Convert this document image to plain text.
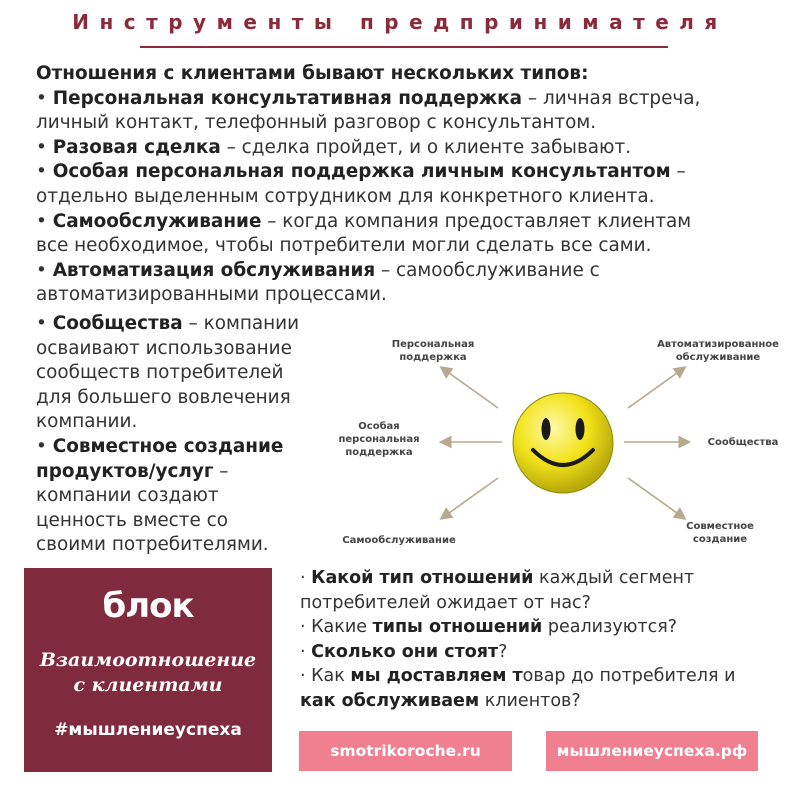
Инструменты предпринимателя
Отношения с клиентами бывают нескольких типов:
• Персональная консультативная поддержка – личная встреча,
личный контакт, телефонный разговор с консультантом.
• Разовая сделка – сделка пройдет, и о клиенте забывают.
• Особая персональная поддержка личным консультантом –
отдельно выделенным сотрудником для конкретного клиента.
• Самообслуживание – когда компания предоставляет клиентам
все необходимое, чтобы потребители могли сделать все сами.
• Автоматизация обслуживания – самообслуживание с
автоматизированными процессами.
• Сообщества – компании
осваивают использование
сообществ потребителей
для большего вовлечения
компании.
• Совместное создание
продуктов/услуг –
компании создают
ценность вместе со
своими потребителями.
Персональная
поддержка
Автоматизированное
обслуживание
Особая
персональная
поддержка
Сообщества
Самообслуживание
Совместное
создание
блок
Взаимоотношение
с клиентами
#мышлениеуспеха
· Какой тип отношений каждый сегмент
потребителей ожидает от нас?
· Какие типы отношений реализуются?
· Сколько они стоят?
· Как мы доставляем товар до потребителя и
как обслуживаем клиентов?
smotrikoroche.ru	мышлениеуспеха.рф
